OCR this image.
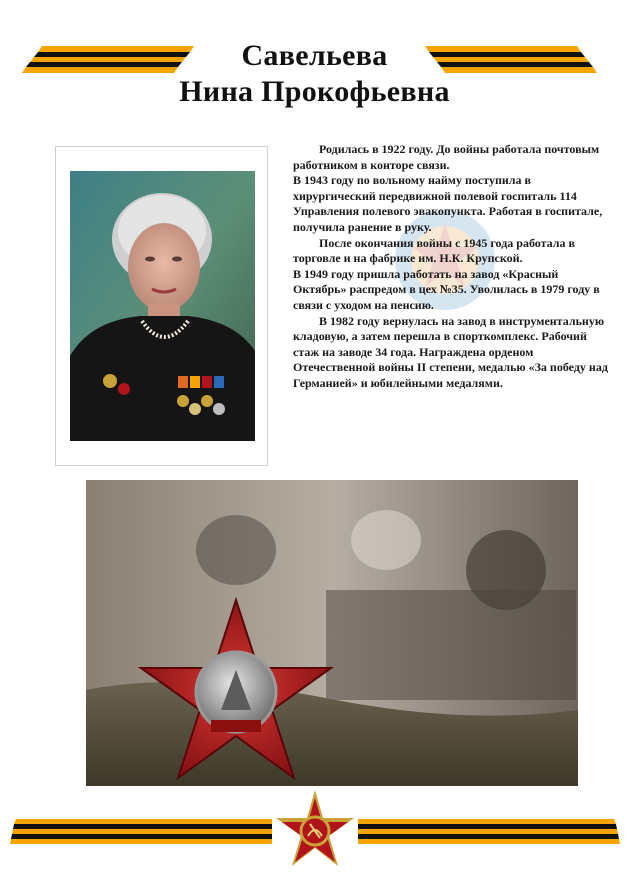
Савельева
Нина Прокофьевна

Родилась в 1922 году. До войны работала почтовым работником в конторе связи.

В 1943 году по вольному найму поступила в хирургический передвижной полевой госпиталь 114 Управления полевого эвакопункта. Работая в госпитале, получила ранение в руку.

После окончания войны с 1945 года работала в торговле и на фабрике им. Н.К. Крупской.

В 1949 году пришла работать на завод «Красный Октябрь» распредом в цех №35. Уволилась в 1979 году в связи с уходом на пенсию.

В 1982 году вернулась на завод в инструментальную кладовую, а затем перешла в спорткомплекс. Рабочий стаж на заводе 34 года. Награждена орденом Отечественной войны II степени, медалью «За победу над Германией» и юбилейными медалями.
